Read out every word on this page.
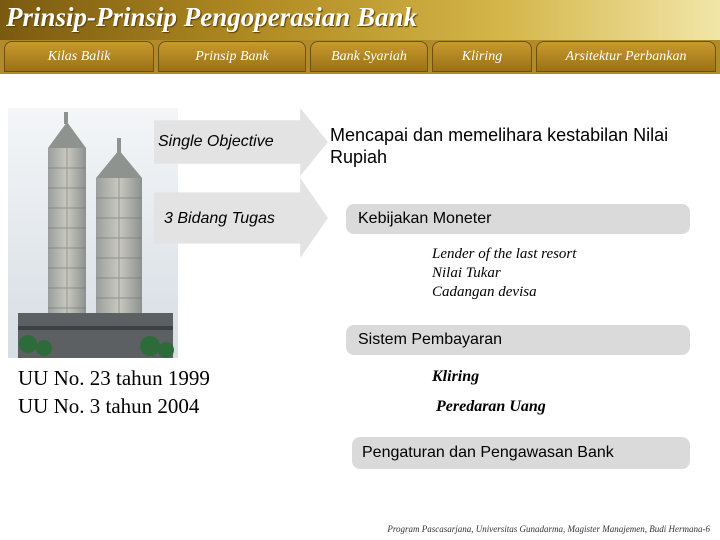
Prinsip-Prinsip Pengoperasian Bank
Kilas Balik	Prinsip Bank	Bank Syariah	Kliring	Arsitektur Perbankan
Single Objective
3 Bidang Tugas
Mencapai dan memelihara kestabilan Nilai Rupiah
Kebijakan Moneter
Lender of the last resort
Nilai Tukar
Cadangan devisa
Sistem Pembayaran
Kliring
Peredaran Uang
Pengaturan dan Pengawasan Bank
UU No. 23 tahun 1999
UU No. 3 tahun 2004
Program Pascasarjana, Universitas Gunadarma, Magister Manajemen, Budi Hermana-6
